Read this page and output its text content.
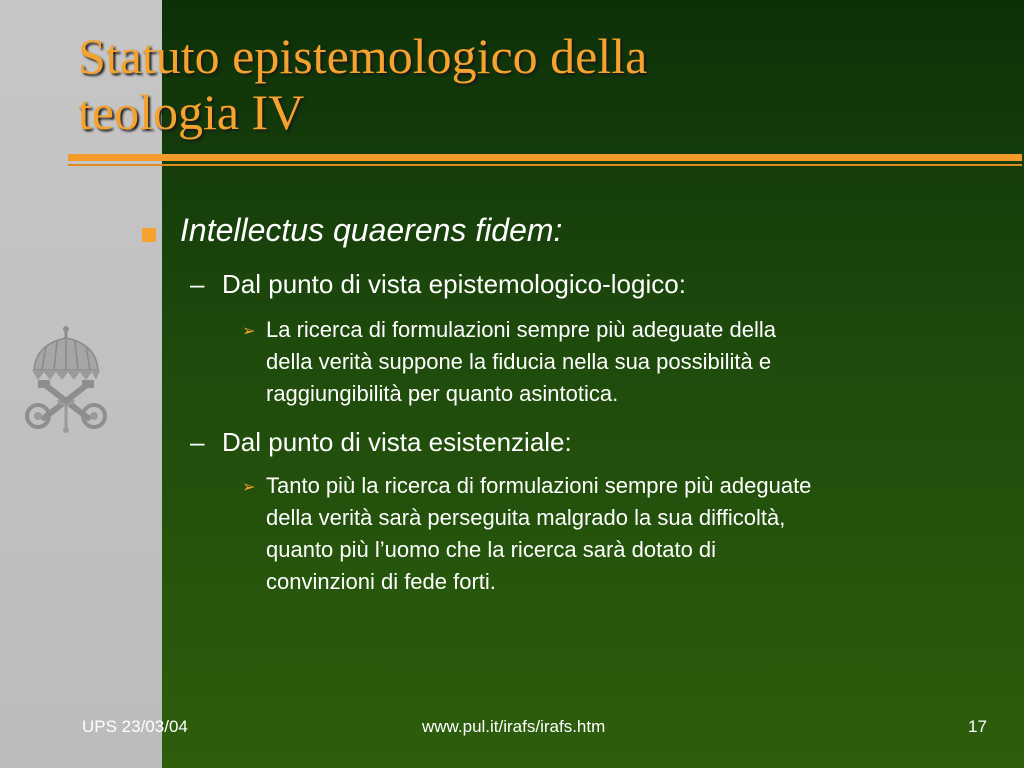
Statuto epistemologico della
teologia IV
Intellectus quaerens fidem:
– Dal punto di vista epistemologico-logico:
➢ La ricerca di formulazioni sempre più adeguate della
della verità suppone la fiducia nella sua possibilità e
raggiungibilità per quanto asintotica.
– Dal punto di vista esistenziale:
➢ Tanto più la ricerca di formulazioni sempre più adeguate
della verità sarà perseguita malgrado la sua difficoltà,
quanto più l’uomo che la ricerca sarà dotato di
convinzioni di fede forti.
UPS 23/03/04	www.pul.it/irafs/irafs.htm	17
